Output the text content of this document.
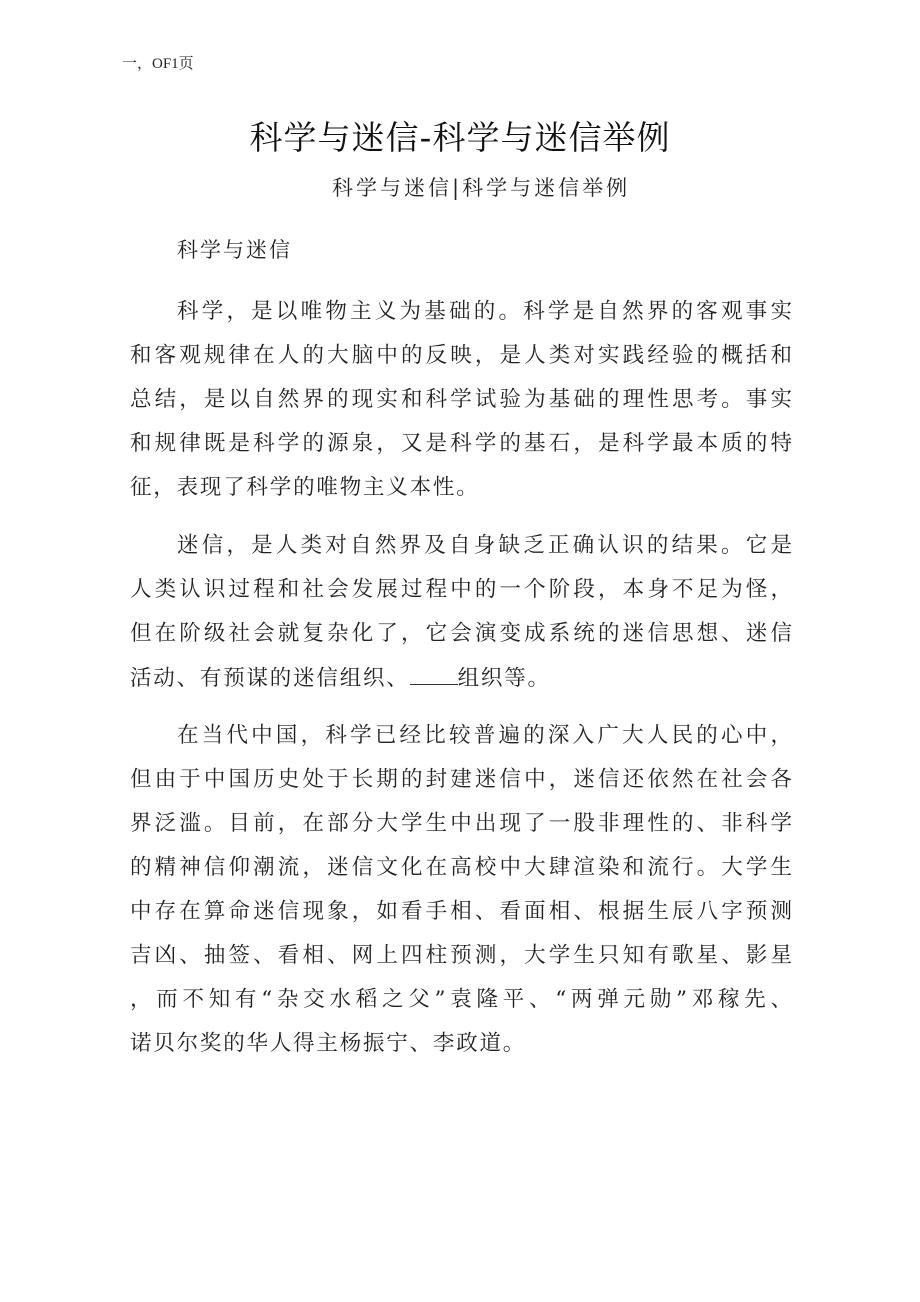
一，OF1页
科学与迷信-科学与迷信举例
科学与迷信|科学与迷信举例
科学与迷信
科学，是以唯物主义为基础的。科学是自然界的客观事实
和客观规律在人的大脑中的反映，是人类对实践经验的概括和
总结，是以自然界的现实和科学试验为基础的理性思考。事实
和规律既是科学的源泉，又是科学的基石，是科学最本质的特
征，表现了科学的唯物主义本性。
迷信，是人类对自然界及自身缺乏正确认识的结果。它是
人类认识过程和社会发展过程中的一个阶段，本身不足为怪，
但在阶级社会就复杂化了，它会演变成系统的迷信思想、迷信
活动、有预谋的迷信组织、 组织等。
在当代中国，科学已经比较普遍的深入广大人民的心中，
但由于中国历史处于长期的封建迷信中，迷信还依然在社会各
界泛滥。目前，在部分大学生中出现了一股非理性的、非科学
的精神信仰潮流，迷信文化在高校中大肆渲染和流行。大学生
中存在算命迷信现象，如看手相、看面相、根据生辰八字预测
吉凶、抽签、看相、网上四柱预测，大学生只知有歌星、影星
，而不知有“杂交水稻之父”袁隆平、“两弹元勋”邓稼先、
诺贝尔奖的华人得主杨振宁、李政道。
